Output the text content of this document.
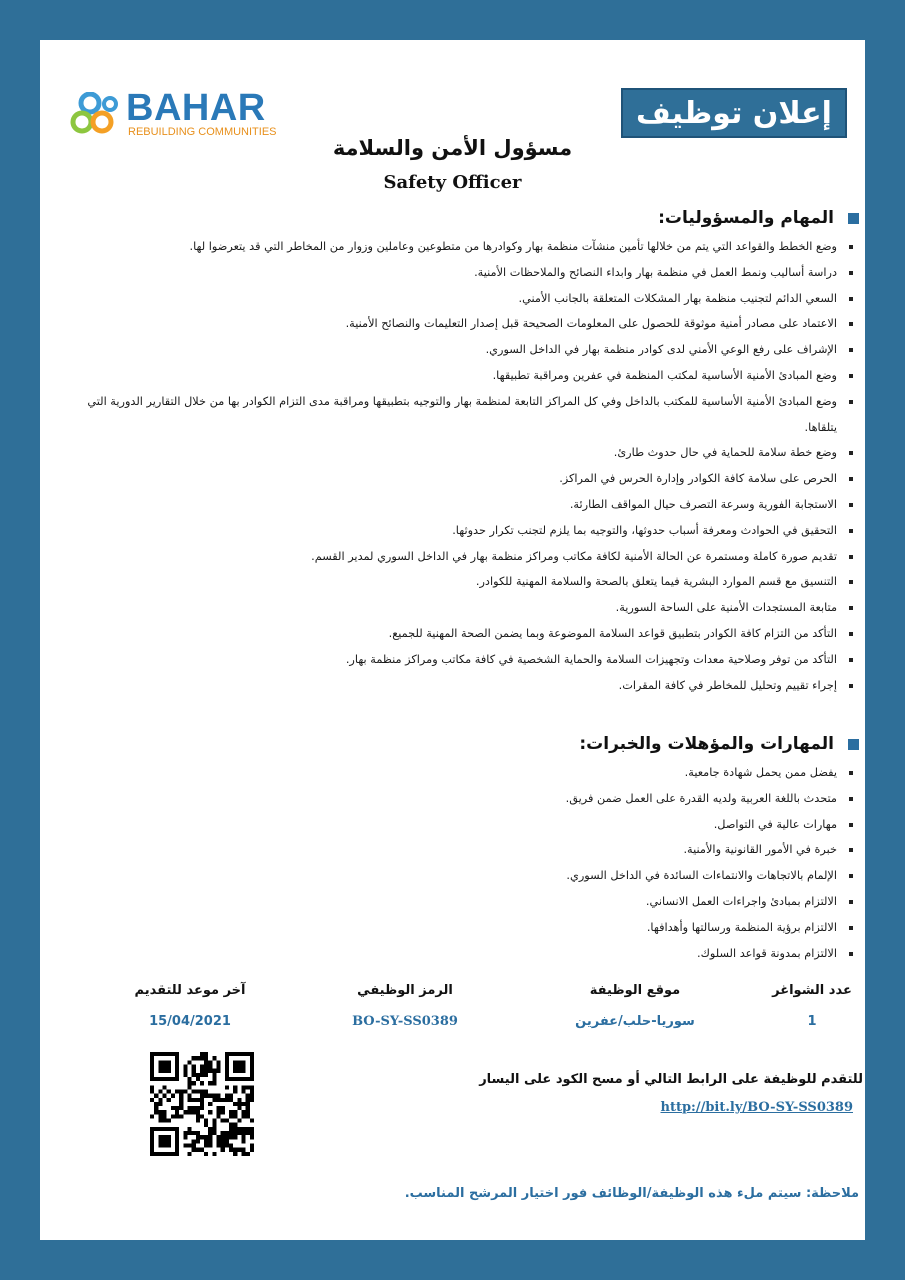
BAHAR
REBUILDING COMMUNITIES
إعلان توظيف
مسؤول الأمن والسلامة
Safety Officer
المهام والمسؤوليات:
وضع الخطط والقواعد التي يتم من خلالها تأمين منشآت منظمة بهار وكوادرها من متطوعين وعاملين وزوار من المخاطر التي قد يتعرضوا لها.
دراسة أساليب ونمط العمل في منظمة بهار وابداء النصائح والملاحظات الأمنية.
السعي الدائم لتجنيب منظمة بهار المشكلات المتعلقة بالجانب الأمني.
الاعتماد على مصادر أمنية موثوقة للحصول على المعلومات الصحيحة قبل إصدار التعليمات والنصائح الأمنية.
الإشراف على رفع الوعي الأمني لدى كوادر منظمة بهار في الداخل السوري.
وضع المبادئ الأمنية الأساسية لمكتب المنظمة في عفرين ومراقبة تطبيقها.
وضع المبادئ الأمنية الأساسية للمكتب بالداخل وفي كل المراكز التابعة لمنظمة بهار والتوجيه بتطبيقها ومراقبة مدى التزام الكوادر بها من خلال التقارير الدورية التي يتلقاها.
وضع خطة سلامة للحماية في حال حدوث طارئ.
الحرص على سلامة كافة الكوادر وإدارة الحرس في المراكز.
الاستجابة الفورية وسرعة التصرف حيال المواقف الطارئة.
التحقيق في الحوادث ومعرفة أسباب حدوثها، والتوجيه بما يلزم لتجنب تكرار حدوثها.
تقديم صورة كاملة ومستمرة عن الحالة الأمنية لكافة مكاتب ومراكز منظمة بهار في الداخل السوري لمدير القسم.
التنسيق مع قسم الموارد البشرية فيما يتعلق بالصحة والسلامة المهنية للكوادر.
متابعة المستجدات الأمنية على الساحة السورية.
التأكد من التزام كافة الكوادر بتطبيق قواعد السلامة الموضوعة وبما يضمن الصحة المهنية للجميع.
التأكد من توفر وصلاحية معدات وتجهيزات السلامة والحماية الشخصية في كافة مكاتب ومراكز منظمة بهار.
إجراء تقييم وتحليل للمخاطر في كافة المقرات.
المهارات والمؤهلات والخبرات:
يفضل ممن يحمل شهادة جامعية.
متحدث باللغة العربية ولديه القدرة على العمل ضمن فريق.
مهارات عالية في التواصل.
خبرة في الأمور القانونية والأمنية.
الإلمام بالاتجاهات والانتماءات السائدة في الداخل السوري.
الالتزام بمبادئ واجراءات العمل الانساني.
الالتزام برؤية المنظمة ورسالتها وأهدافها.
الالتزام بمدونة قواعد السلوك.
عدد الشواغر
1
موقع الوظيفة
سوريا-حلب/عفرين
الرمز الوظيفي
BO-SY-SS0389
آخر موعد للتقديم
15/04/2021
للتقدم للوظيفة على الرابط التالي أو مسح الكود على اليسار
http://bit.ly/BO-SY-SS0389
ملاحظة: سيتم ملء هذه الوظيفة/الوظائف فور اختيار المرشح المناسب.
